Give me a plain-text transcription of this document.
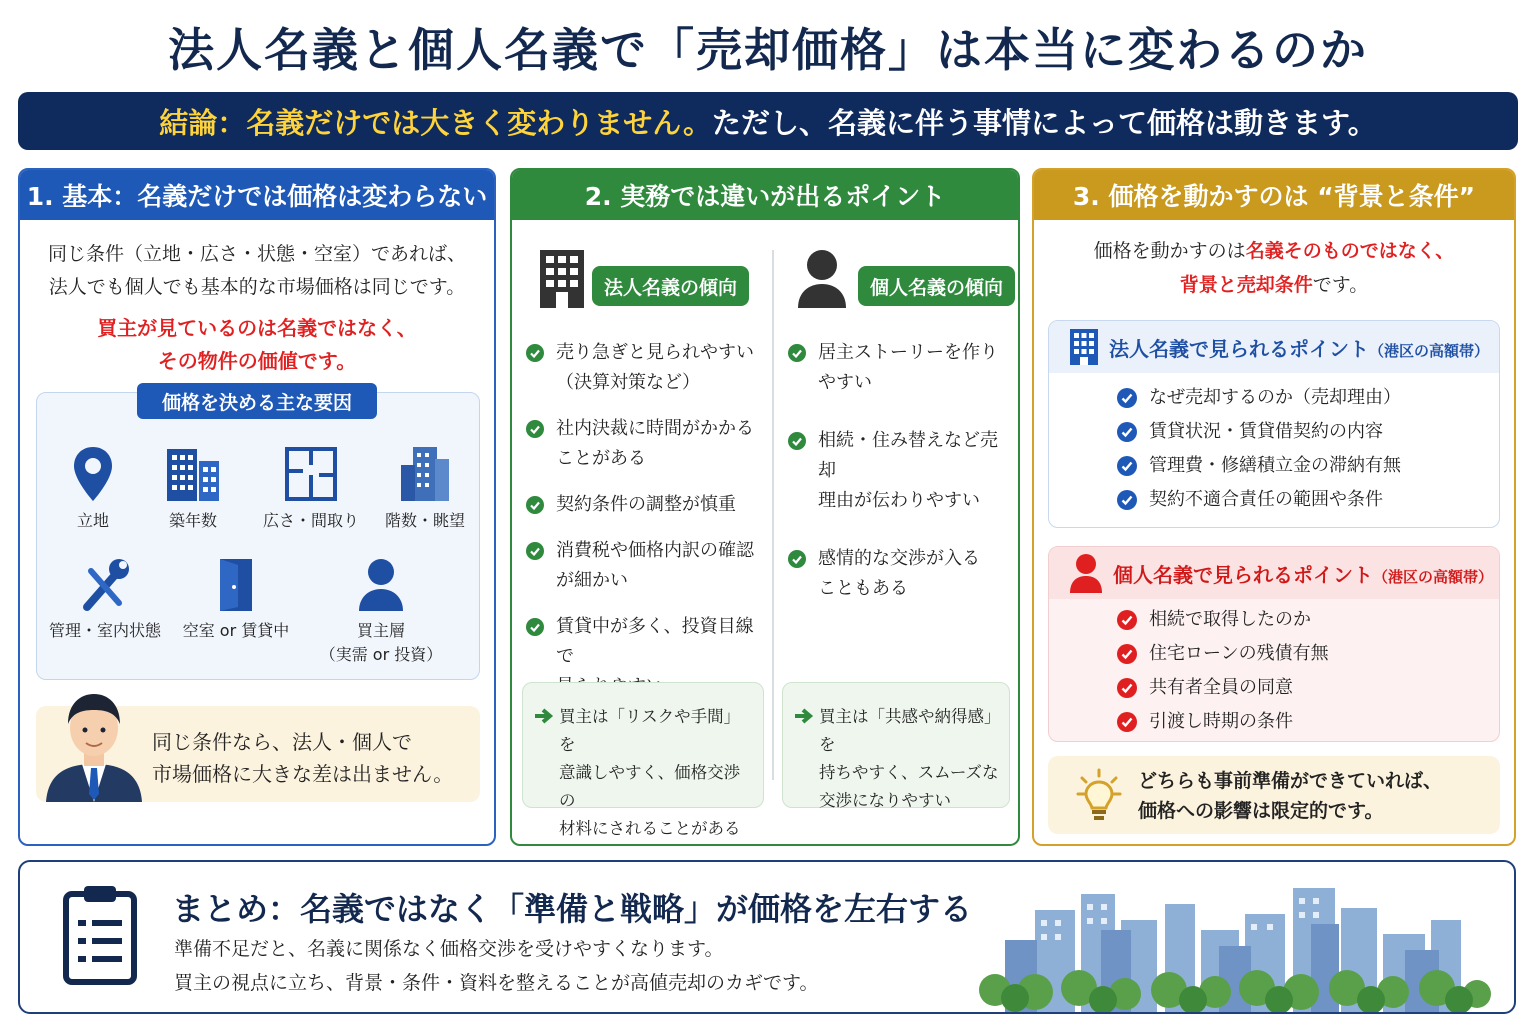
法人名義と個人名義で「売却価格」は本当に変わるのか
結論：名義だけでは大きく変わりません。 ただし、名義に伴う事情によって価格は動きます。
1. 基本：名義だけでは価格は変わらない
同じ条件（立地・広さ・状態・空室）であれば、
法人でも個人でも基本的な市場価格は同じです。
買主が見ているのは名義ではなく、
その物件の価値です。
価格を決める主な要因
立地	築年数	広さ・間取り	階数・眺望
管理・室内状態	空室 or 賃貸中	買主層
（実需 or 投資）
同じ条件なら、法人・個人で
市場価格に大きな差は出ません。
2. 実務では違いが出るポイント
法人名義の傾向	個人名義の傾向
売り急ぎと見られやすい
（決算対策など）
社内決裁に時間がかかる
ことがある
契約条件の調整が慎重
消費税や価格内訳の確認
が細かい
賃貸中が多く、投資目線で
居主ストーリーを作り
やすい
相続・住み替えなど売却
理由が伝わりやすい
感情的な交渉が入る
こともある
買主は「リスクや手間」を
意識しやすく、価格交渉の
材料にされることがある
買主は「共感や納得感」を
持ちやすく、スムーズな
交渉になりやすい
3. 価格を動かすのは “背景と条件”
価格を動かすのは名義そのものではなく、
背景と売却条件です。
法人名義で見られるポイント（港区の高額帯）
なぜ売却するのか（売却理由）
賃貸状況・賃貸借契約の内容
管理費・修繕積立金の滞納有無
契約不適合責任の範囲や条件
個人名義で見られるポイント（港区の高額帯）
相続で取得したのか
住宅ローンの残債有無
共有者全員の同意
引渡し時期の条件
どちらも事前準備ができていれば、
価格への影響は限定的です。
まとめ：名義ではなく「準備と戦略」が価格を左右する
準備不足だと、名義に関係なく価格交渉を受けやすくなります。
買主の視点に立ち、背景・条件・資料を整えることが高値売却のカギです。
